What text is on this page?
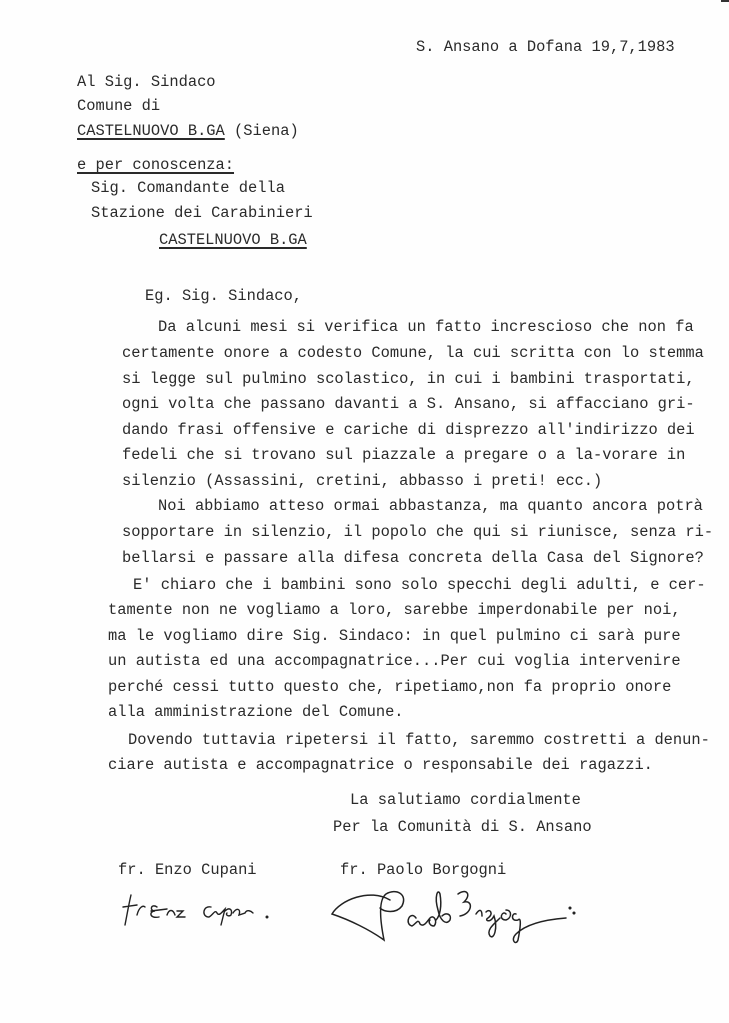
S. Ansano a Dofana 19,7,1983
Al Sig. Sindaco
Comune di
CASTELNUOVO B.GA (Siena)
e per conoscenza:
Sig. Comandante della
Stazione dei Carabinieri
CASTELNUOVO B.GA
Eg. Sig. Sindaco,
Da alcuni mesi si verifica un fatto increscioso che non fa
certamente onore a codesto Comune, la cui scritta con lo stemma
si legge sul pulmino scolastico, in cui i bambini trasportati,
ogni volta che passano davanti a S. Ansano, si affacciano gri-
dando frasi offensive e cariche di disprezzo all'indirizzo dei
fedeli che si trovano sul piazzale a pregare o a la-vorare in
silenzio (Assassini, cretini, abbasso i preti! ecc.)
Noi abbiamo atteso ormai abbastanza, ma quanto ancora potrà
sopportare in silenzio, il popolo che qui si riunisce, senza ri-
bellarsi e passare alla difesa concreta della Casa del Signore?
E' chiaro che i bambini sono solo specchi degli adulti, e cer-
tamente non ne vogliamo a loro, sarebbe imperdonabile per noi,
ma le vogliamo dire Sig. Sindaco: in quel pulmino ci sarà pure
un autista ed una accompagnatrice...Per cui voglia intervenire
perché cessi tutto questo che, ripetiamo,non fa proprio onore
alla amministrazione del Comune.
Dovendo tuttavia ripetersi il fatto, saremmo costretti a denun-
ciare autista e accompagnatrice o responsabile dei ragazzi.
La salutiamo cordialmente
Per la Comunità di S. Ansano
fr. Enzo Cupani	fr. Paolo Borgogni
